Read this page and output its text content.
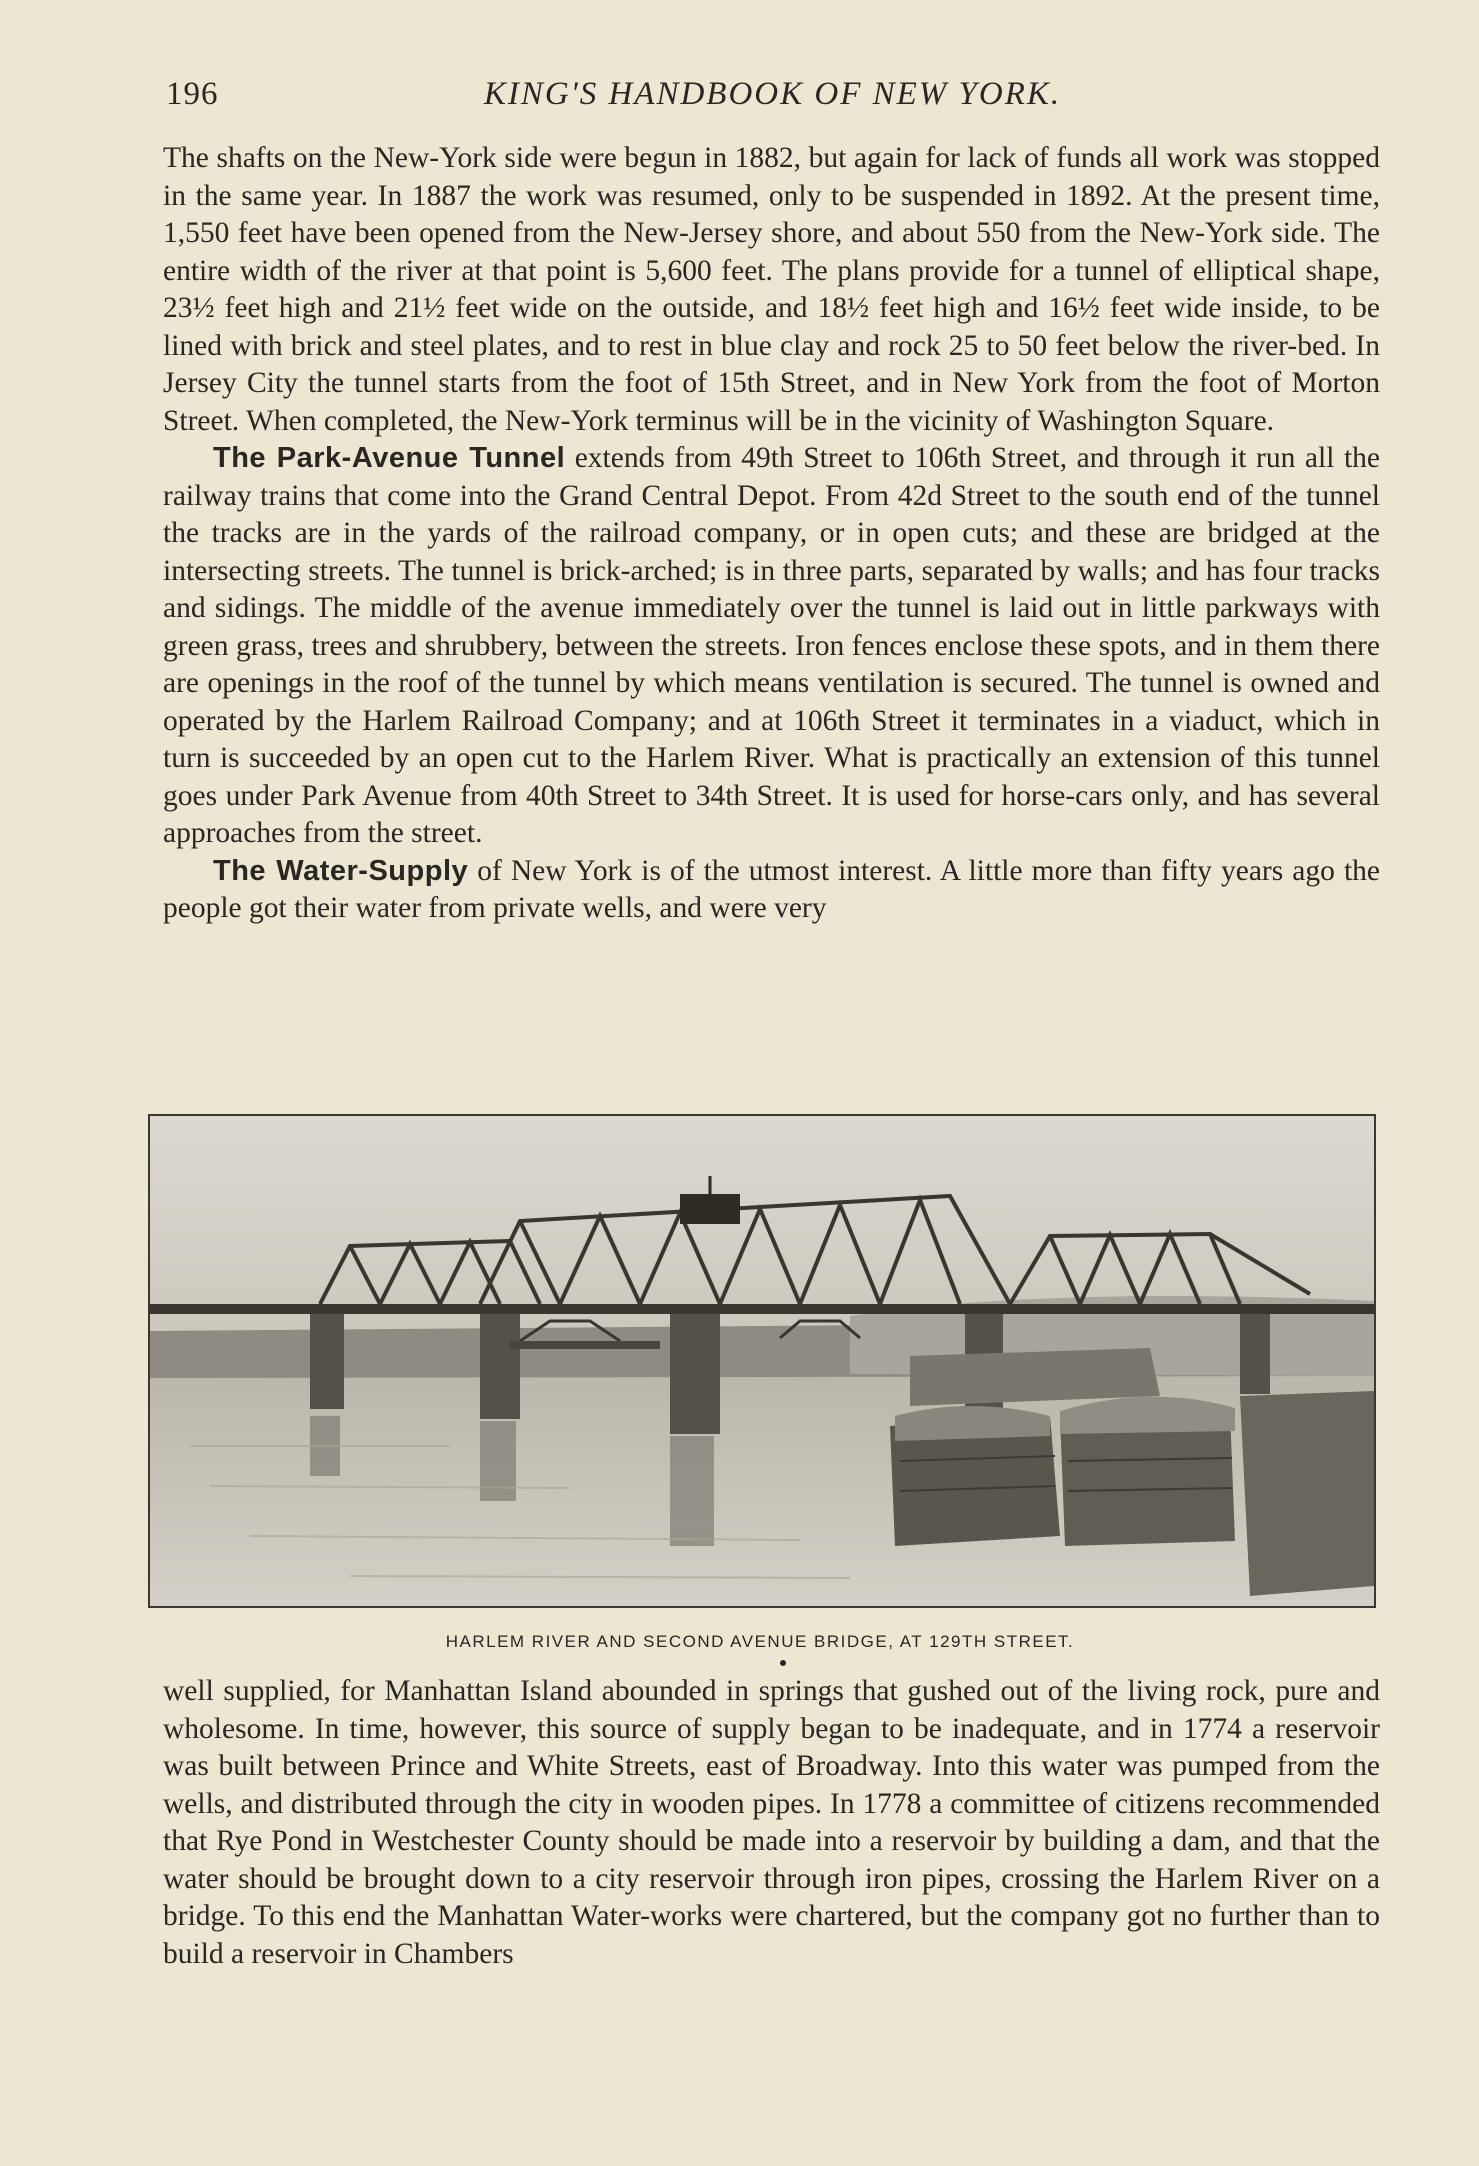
196	KING'S HANDBOOK OF NEW YORK.

The shafts on the New-York side were begun in 1882, but again for lack of funds all work was stopped in the same year. In 1887 the work was resumed, only to be suspended in 1892. At the present time, 1,550 feet have been opened from the New-Jersey shore, and about 550 from the New-York side. The entire width of the river at that point is 5,600 feet. The plans provide for a tunnel of elliptical shape, 23½ feet high and 21½ feet wide on the outside, and 18½ feet high and 16½ feet wide inside, to be lined with brick and steel plates, and to rest in blue clay and rock 25 to 50 feet below the river-bed. In Jersey City the tunnel starts from the foot of 15th Street, and in New York from the foot of Morton Street. When completed, the New-York terminus will be in the vicinity of Washington Square.

The Park-Avenue Tunnel extends from 49th Street to 106th Street, and through it run all the railway trains that come into the Grand Central Depot. From 42d Street to the south end of the tunnel the tracks are in the yards of the railroad company, or in open cuts; and these are bridged at the intersecting streets. The tunnel is brick-arched; is in three parts, separated by walls; and has four tracks and sidings. The middle of the avenue immediately over the tunnel is laid out in little parkways with green grass, trees and shrubbery, between the streets. Iron fences enclose these spots, and in them there are openings in the roof of the tunnel by which means ventilation is secured. The tunnel is owned and operated by the Harlem Railroad Company; and at 106th Street it terminates in a viaduct, which in turn is succeeded by an open cut to the Harlem River. What is practically an extension of this tunnel goes under Park Avenue from 40th Street to 34th Street. It is used for horse-cars only, and has several approaches from the street.

The Water-Supply of New York is of the utmost interest. A little more than fifty years ago the people got their water from private wells, and were very

HARLEM RIVER AND SECOND AVENUE BRIDGE, AT 129TH STREET.

well supplied, for Manhattan Island abounded in springs that gushed out of the living rock, pure and wholesome. In time, however, this source of supply began to be inadequate, and in 1774 a reservoir was built between Prince and White Streets, east of Broadway. Into this water was pumped from the wells, and distributed through the city in wooden pipes. In 1778 a committee of citizens recommended that Rye Pond in Westchester County should be made into a reservoir by building a dam, and that the water should be brought down to a city reservoir through iron pipes, crossing the Harlem River on a bridge. To this end the Manhattan Water-works were chartered, but the company got no further than to build a reservoir in Chambers
